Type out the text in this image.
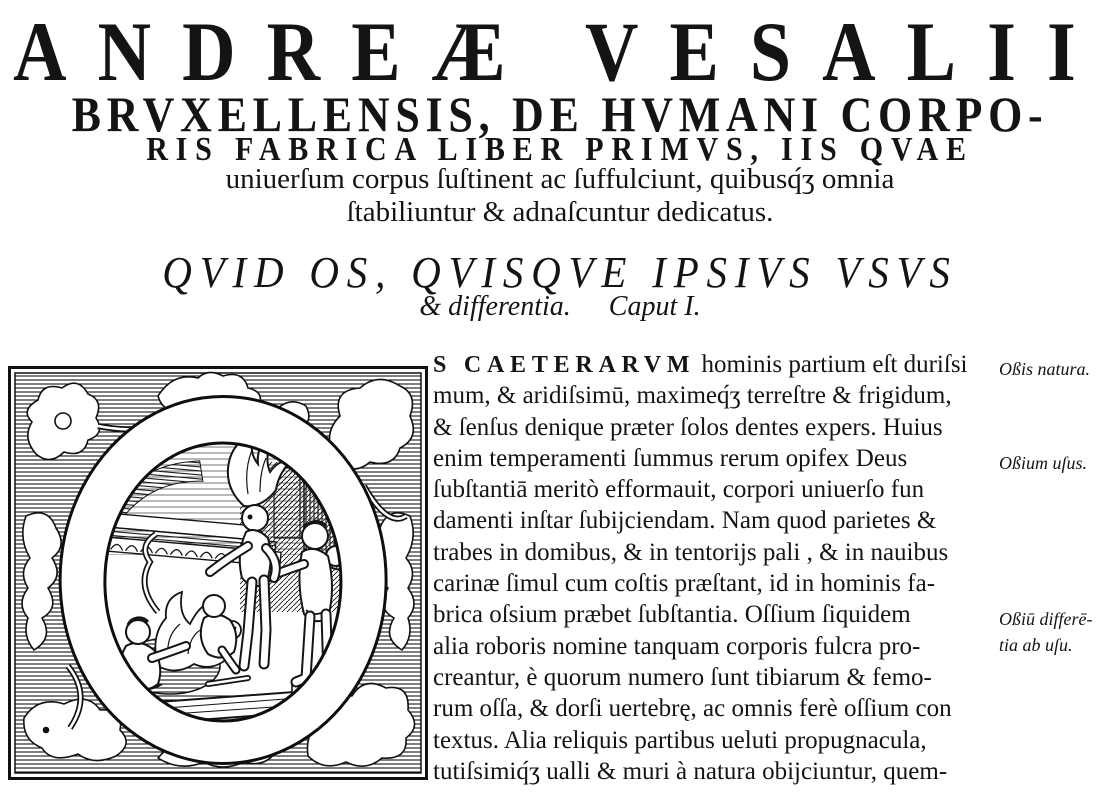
ANDREÆ VESALII
BRVXELLENSIS, DE HVMANI CORPO-
RIS FABRICA LIBER PRIMVS, IIS QVAE
uniuerſum corpus ſuſtinent ac ſuffulciunt, quibusq́ʒ omnia
ſtabiliuntur & adnaſcuntur dedicatus.
QVID OS, QVISQVE IPSIVS VSVS
& differentia. Caput I.
S CAETERARVM hominis partium eſt duriſsi
mum, & aridiſsimū, maximeq́ʒ terreſtre & frigidum,
& ſenſus denique præter ſolos dentes expers. Huius
enim temperamenti ſummus rerum opifex Deus
ſubſtantiā meritò efformauit, corpori uniuerſo fun
damenti inſtar ſubijciendam. Nam quod parietes &
trabes in domibus, & in tentorijs pali , & in nauibus
carinæ ſimul cum coſtis præſtant, id in hominis fa-
brica oſsium præbet ſubſtantia. Oſſium ſiquidem
alia roboris nomine tanquam corporis fulcra pro-
creantur, è quorum numero ſunt tibiarum & femo-
rum oſſa, & dorſi uertebrę, ac omnis ferè oſſium con
textus. Alia reliquis partibus ueluti propugnacula,
tutiſsimiq́ʒ ualli & muri à natura obijciuntur, quem-
Oßis natura.
Oßium uſus.
Oßiū differē-
tia ab uſu.
